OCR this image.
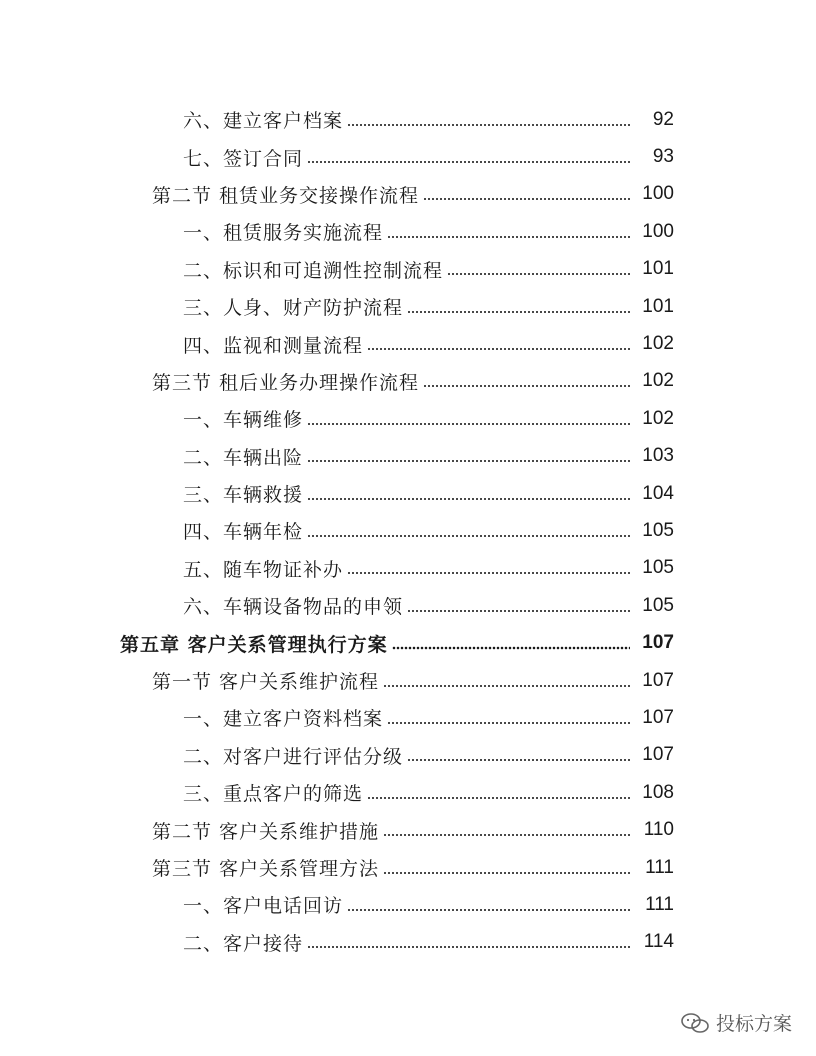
六、建立客户档案	92
七、签订合同	93
第二节 租赁业务交接操作流程	100
一、租赁服务实施流程	100
二、标识和可追溯性控制流程	101
三、人身、财产防护流程	101
四、监视和测量流程	102
第三节 租后业务办理操作流程	102
一、车辆维修	102
二、车辆出险	103
三、车辆救援	104
四、车辆年检	105
五、随车物证补办	105
六、车辆设备物品的申领	105
第五章 客户关系管理执行方案	107
第一节 客户关系维护流程	107
一、建立客户资料档案	107
二、对客户进行评估分级	107
三、重点客户的筛选	108
第二节 客户关系维护措施	110
第三节 客户关系管理方法	111
一、客户电话回访	111
二、客户接待	114
投标方案
